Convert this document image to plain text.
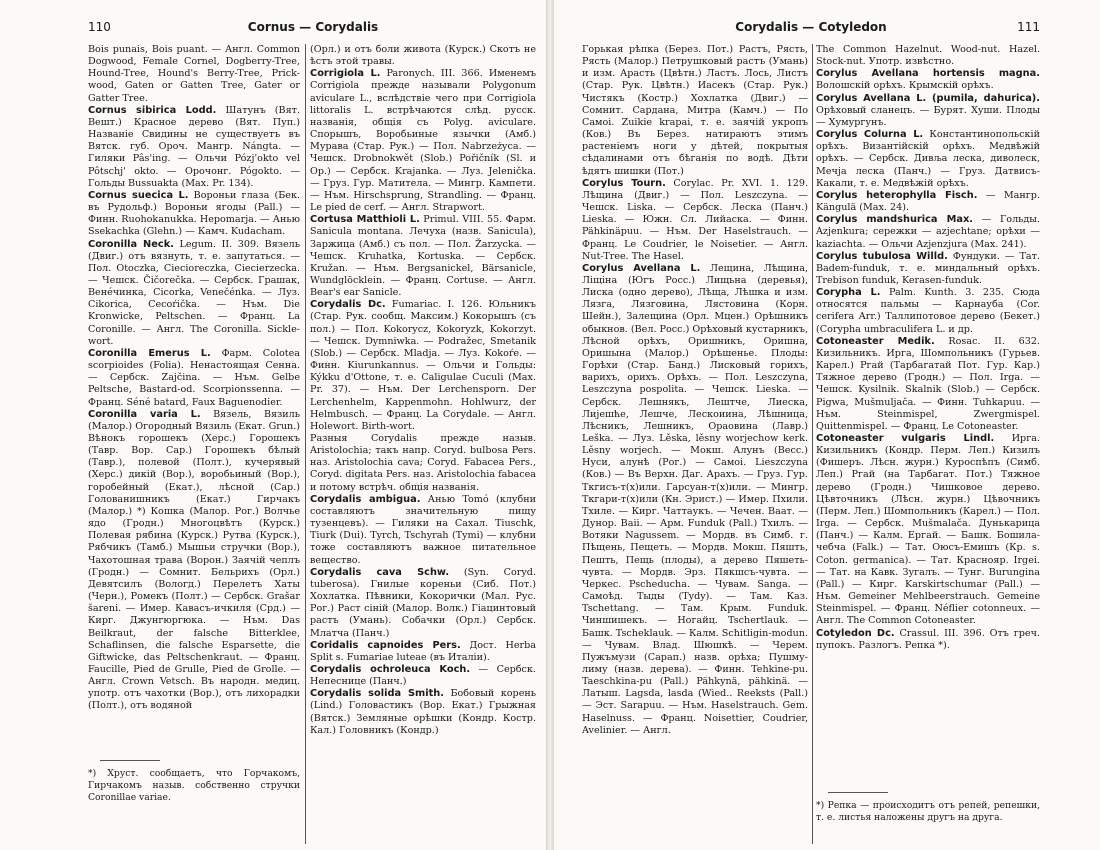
110	Cornus — Corydalis

Bois punais, Bois puant. — Англ. Common Dogwood, Female Cornel, Dogberry-Tree, Hound-Tree, Hound's Berry-Tree, Prick-wood, Gaten or Gatten Tree, Gater or Gatter Tree.

Cornus sibirica Lodd. Шатунъ (Вят. Вешт.) Красное дерево (Вят. Пуп.) Названіе Свидины не существуетъ въ Вятск. губ. Ороч. Мангр. Nángta. — Гиляки Pâs'ing. — Ольчи Pózj'okto vel Pôtschj' okto. — Орочонг. Pógokto. — Гольды Bussuakta (Max. Pr. 134).

Cornus suecica L. Вороньи глаза (Бек. въ Рудольф.) Вороньи ягоды (Pall.) — Финн. Ruohokanukka. Hepomarja. — Анью Ssekachka (Glehn.) — Камч. Kudacham.

Coronilla Neck. Legum. II. 309. Вязель (Двиг.) отъ вязнуть, т. е. запутаться. — Пол. Otoczka, Ciecioreczka, Ciecierzecka. — Чешск. Čičorečka. — Сербск. Грашак, Вене́чинка, Cicorka, Venečénka. — Луз. Cikorica, Cecoŕička. — Нъм. Die Kronwicke, Peltschen. — Франц. La Coronille. — Англ. The Coronilla. Sickle-wort.

Coronilla Emerus L. Фарм. Colotea scorpioides (Folia). Ненастоящая Сенна. — Сербск. Zajčina. — Нъм. Gelbe Peltsche, Bastard-od. Scorpionssenna. — Франц. Séné batard, Faux Baguenodier.

Coronilla varia L. Вязель, Вязиль (Малор.) Огородный Вязиль (Екат. Grun.) Вѣнокъ горошекъ (Херс.) Горошекъ (Тавр. Вор. Сар.) Горошекъ бѣлый (Тавр.), полевой (Полт.), кучерявый (Херс.) дикій (Вор.), воробьиный (Вор.), горобейный (Екат.), лѣсной (Сар.) Голованишникъ (Екат.) Гирчакъ (Малор.) *) Кошка (Малор. Рог.) Волчье ядо (Гродн.) Многоцвѣтъ (Курск.) Полевая рябина (Курск.) Рутва (Курск.), Рябчикъ (Тамб.) Мышьи стручки (Вор.), Чахотошная трава (Ворон.) Заячій чеплъ (Гродн.) — Сомнит. Бельрихъ (Орл.) Девятсилъ (Вологд.) Перелетъ Хаты (Черн.), Ромекъ (Полт.) — Сербск. Grašar šareni. — Имер. Кавасъ-ичкиля (Срд.) — Кирг. Джунгюргюка. — Нъм. Das Beilkraut, der falsche Bitterklee, Schaflinsen, die falsche Esparsette, die Giftwicke, das Peltschenkraut. — Франц. Faucille, Pied de Grulle, Pied de Grolle. — Англ. Crown Vetsch. Въ народн. медиц. употр. отъ чахотки (Вор.), отъ лихорадки (Полт.), отъ водяной

(Орл.) и отъ боли живота (Курск.) Скотъ не ѣстъ этой травы.

Corrigiola L. Paronych. III. 366. Именемъ Corrigiola прежде называли Polygonum aviculare L., вслѣдствіе чего при Corrigiola littoralis L. встрѣчаются слѣд. русск. названія, общія съ Polyg. aviculare. Спорышъ, Воробьиные язычки (Амб.) Мурава (Стар. Рук.) — Пол. Nabrzeżyca. — Чешск. Drobnokwět (Slob.) Pořičník (Sl. и Op.) — Сербск. Krajanka. — Луз. Jelenička. — Груз. Гур. Матитела. — Мингр. Кампети. — Нъм. Hirschsprung, Strandling. — Франц. Le pied de cerf. — Англ. Strapwort.

Cortusa Matthioli L. Primul. VIII. 55. Фарм. Sanicula montana. Лечуха (назв. Sanicula), Заржица (Амб.) съ пол. — Пол. Žarzycka. — Чешск. Kruhatka, Kortuska. — Сербск. Kružan. — Нъм. Bergsanickel, Bärsanicle, Wundglöcklein. — Франц. Cortuse. — Англ. Bear's ear Sanicle.

Corydalis Dc. Fumariac. I. 126. Юльникъ (Стар. Рук. сообщ. Максим.) Кокорышъ (съ пол.) — Пол. Kokorycz, Kokoryzk, Kokorzyt. — Чешск. Dymniwka. — Podražec, Smetanik (Slob.) — Сербск. Mladja. — Луз. Kokoŕe. — Финн. Kiurunkannus. — Ольчи и Гольды: Kýkku d'Ottone, т. е. Caligulae Cuculi (Max. Pr. 37). — Нъм. Der Lerchensporn. Der Lerchenhelm, Kappenmohn. Hohlwurz, der Helmbusch. — Франц. La Corydale. — Англ. Holewort. Birth-wort.

Разныя Corydalis прежде назыв. Aristolochia; такъ напр. Coryd. bulbosa Pers. наз. Aristolochia cava; Coryd. Fabacea Pers., Coryd. digitata Pers. наз. Aristolochia fabacea и потому встрѣч. общія названія.

Corydalis ambigua. Анью Tomó (клубни составляютъ значительную пищу тузенцевъ). — Гиляки на Сахал. Tiuschk, Tiurk (Dui). Tyrch, Tschyrah (Tymi) — клубни тоже составляютъ важное питательное вещество.

Corydalis cava Schw. (Syn. Coryd. tuberosa). Гнилые кореньи (Сиб. Пот.) Хохлатка. Пѣвники, Кокорички (Мал. Рус. Рог.) Раст сінiй (Малор. Волк.) Гіацинтовый растъ (Умань). Собачки (Орл.) Сербск. Млатча (Панч.)

Coridalis capnoides Pers. Дост. Herba Split s. Fumariae luteae (въ Италіи).

Corydalis ochroleuca Koch. — Сербск. Непеснице (Панч.)

Corydalis solida Smith. Бобовый корень (Lind.) Головастикъ (Вор. Екат.) Грыжная (Вятск.) Земляные орѣшки (Кондр. Костр. Кал.) Головникъ (Кондр.)

*) Хруст. сообщаетъ, что Горчакомъ, Гирчакомъ назыв. собственно стручки Coronillae variae.
Corydalis — Cotyledon	111

Горькая рѣпка (Берез. Пот.) Растъ, Рясть, Рясть (Малор.) Петрушковый растъ (Умань) и изм. Арасть (Цвѣтн.) Ластъ. Лось, Листъ (Стар. Рук. Цвѣтн.) Иасекъ (Стар. Рук.) Чистякъ (Костр.) Хохлатка (Двиг.) — Сомнит. Сардана, Митра (Камч.) — По Самоі. Zuikie krapai, т. е. заячій укропъ (Ков.) Въ Берез. натираютъ этимъ растеніемъ ноги у дѣтей, покрытыя сѣдалинами отъ бѣганія по водѣ. Дѣти ѣдятъ шишки (Пот.)

Corylus Tourn. Corylac. Pr. XVI. 1. 129. Лѣщина (Двиг.) — Пол. Leszczyna. — Чешск. Liska. — Сербск. Леска (Панч.) Lieska. — Южн. Сл. Лийаска. — Финн. Pähkinäpuu. — Нъм. Der Haselstrauch. — Франц. Le Coudrier, le Noisetier. — Англ. Nut-Tree. The Hasel.

Corylus Avellana L. Лещина, Лѣщина, Ліщіна (Югъ Росс.) Лищьна (деревья), Лиска (одно дерево), Лѣща, Лѣшка и изм. Лязга, Лязговина, Лястовина (Корн. Шейн.), Залещина (Орл. Мцен.) Орѣшникъ обыкнов. (Вел. Росс.) Орѣховый кустарникъ, Лѣсной орѣхъ, Оришникъ, Оришна, Оришына (Малор.) Орѣшенье. Плоды: Горѣхи (Стар. Банд.) Лисковый горихъ, варихъ, орихъ. Орѣхъ. — Пол. Leszczyna, Leszczyna pospolita. — Чешск. Lieska. — Сербск. Лешнякъ, Лештче, Лиеска, Лијешће, Лешче, Лескоиина, Лѣшница, Лѣсникъ, Лешникъ, Ораовина (Лавр.) Leška. — Луз. Lěska, lěsny worjechow kerk. Lěsny worjech. — Мокш. Алунъ (Весс.) Нуси, алунѣ (Рог.) — Самоі. Lieszczyna (Ков.) — Въ Верхн. Даг. Арахъ. — Груз. Гур. Ткгисъ-т(х)или. Гарсуан-т(х)или. — Мингр. Ткгари-т(х)или (Кн. Эрист.) — Имер. Пхили. Тхиле. — Кирг. Чаттаукъ. — Чечен. Ваат. — Дунор. Ваіі. — Арм. Funduk (Pall.) Тхилъ. — Вотяки Nagussem. — Мордв. въ Симб. г. Пѣщень, Пещеть. — Мордв. Мокш. Пяшть, Пешть, Пещь (плоды), а дерево Пяшеть-чувта. — Мордв. Эрз. Пякшсъ-чувта. — Черкес. Pscheducha. — Чувам. Sanga. — Самоѣд. Тыды (Tydy). — Там. Каз. Tschettang. — Там. Крым. Funduk. Чиншишекъ. — Ногайц. Tschertlauk. — Башк. Tscheklauk. — Калм. Schitligin-modun. — Чувам. Влад. Шюшкѣ. — Черем. Пужъмузи (Сарап.) назв. орѣха; Пушму-лиму (назв. дерева). — Финн. Tehkine-pu. Taeschkina-pu (Pall.) Pähkynä, pähkinä. — Латыш. Lagsda, lasda (Wied.. Reeksts (Pall.) — Эст. Sarapuu. — Нъм. Haselstrauch. Gem. Haselnuss. — Франц. Noisettier, Coudrier, Avelinier. — Англ.

The Common Hazelnut. Wood-nut. Hazel. Stock-nut. Употр. извѣстно.

Corylus Avellana hortensis magna. Волошскій орѣхъ. Крымскій орѣхъ.

Corylus Avellana L. (pumila, dahurica). Орѣховый сланецъ. — Бурят. Хуши. Плоды — Хумургунъ.

Corylus Colurna L. Константинопольскій орѣхъ. Византійскій орѣхъ. Медвѣжій орѣхъ. — Сербск. Дивља леска, диволеск, Мечја леска (Панч.) — Груз. Датвисъ-Какали, т. е. Медвѣжій орѣхъ.

Corylus heterophylla Fisch. — Мангр. Kängulä (Max. 24).

Corylus mandshurica Max. — Гольды. Azjenkura; сережки — azjechtane; орѣхи — kaziachta. — Ольчи Azjenzjura (Max. 241).

Corylus tubulosa Willd. Фундуки. — Тат. Badem-funduk, т. е. миндальный орѣхъ. Trebison funduk, Kerasen-funduk.

Corypha L. Palm. Kunth. 3. 235. Сюда относятся пальмы — Карнауба (Cor. cerifera Arr.) Таллипотовое дерево (Бекет.) (Corypha umbraculifera L. и др.

Cotoneaster Medik. Rosac. II. 632. Кизильникъ. Ирга, Шомпольникъ (Гурьев. Карел.) Ргай (Тарбагатай Пот. Гур. Кар.) Тяжное дерево (Гродн.) — Пол. Irga. — Чешск. Kysilnik. Skalnik (Slob.) — Сербск. Pigwa, Mušmuljača. — Финн. Tuhkapuu. — Нъм. Steinmispel, Zwergmispel. Quittenmispel. — Франц. Le Cotoneaster.

Cotoneaster vulgaris Lindl. Ирга. Кизильникъ (Кондр. Перм. Леп.) Кизилъ (Фишеръ. Лѣсн. журн.) Куроспѣпъ (Симб. Леп.) Ргай (на Тарбагат. Пот.) Тяжное дерево (Гродн.) Чишковое дерево. Цѣвточникъ (Лѣсн. журн.) Цѣвочникъ (Перм. Леп.) Шомпольникъ (Карел.) — Пол. Irga. — Сербск. Mušmalača. Дунькарица (Панч.) — Калм. Ергай. — Башк. Бошила-чебча (Falk.) — Тат. Оюсъ-Емишъ (Кр. s. Coton. germanica). — Тат. Краснояр. Irgei. — Тат. на Кавк. Зугалъ. — Тунг. Burunginа (Pall.) — Кирг. Karskirtschumar (Pall.) — Нъм. Gemeiner Mehlbeerstrauch. Gemeine Steinmispel. — Франц. Néflier cotonneux. — Англ. The Common Cotoneaster.

Cotyledon Dc. Crassul. III. 396. Отъ греч. пупокъ. Разлогъ. Репка *).

*) Репка — происходитъ отъ репей, репешки, т. е. листья наложены другъ на друга.
